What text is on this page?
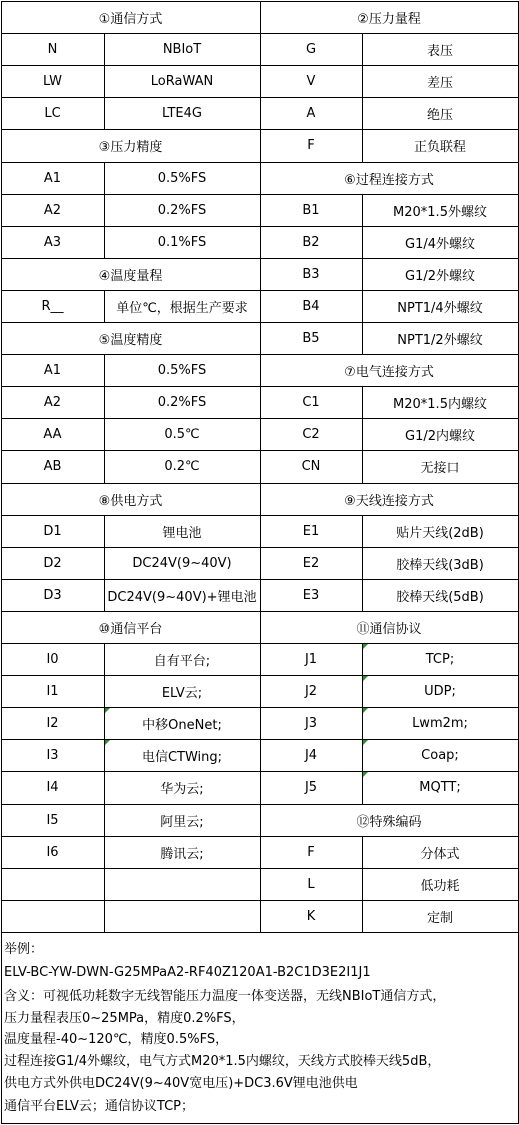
①通信方式
N	NBIoT
LW	LoRaWAN
LC	LTE4G
③压力精度
A1	0.5%FS
A2	0.2%FS
A3	0.1%FS
④温度量程
R__	单位℃，根据生产要求
⑤温度精度
A1	0.5%FS
A2	0.2%FS
AA	0.5℃
AB	0.2℃
⑧供电方式
D1	锂电池
D2	DC24V(9~40V)
D3	DC24V(9~40V)+锂电池
⑩通信平台
I0	自有平台;
I1	ELV云;
I2	中移OneNet;
I3	电信CTWing;
I4	华为云;
I5	阿里云;
I6	腾讯云;
②压力量程
G	表压
V	差压
A	绝压
F	正负联程
⑥过程连接方式
B1	M20*1.5外螺纹
B2	G1/4外螺纹
B3	G1/2外螺纹
B4	NPT1/4外螺纹
B5	NPT1/2外螺纹
⑦电气连接方式
C1	M20*1.5内螺纹
C2	G1/2内螺纹
CN	无接口
⑨天线连接方式
E1	贴片天线(2dB)
E2	胶棒天线(3dB)
E3	胶棒天线(5dB)
⑪通信协议
J1	TCP;
J2	UDP;
J3	Lwm2m;
J4	Coap;
J5	MQTT;
⑫特殊编码
F	分体式
L	低功耗
K	定制
举例：
ELV-BC-YW-DWN-G25MPaA2-RF40Z120A1-B2C1D3E2I1J1
含义：可视低功耗数字无线智能压力温度一体变送器，无线NBIoT通信方式，
压力量程表压0~25MPa，精度0.2%FS，
温度量程-40~120℃，精度0.5%FS，
过程连接G1/4外螺纹，电气方式M20*1.5内螺纹，天线方式胶棒天线5dB，
供电方式外供电DC24V(9~40V宽电压)+DC3.6V锂电池供电
通信平台ELV云；通信协议TCP；
